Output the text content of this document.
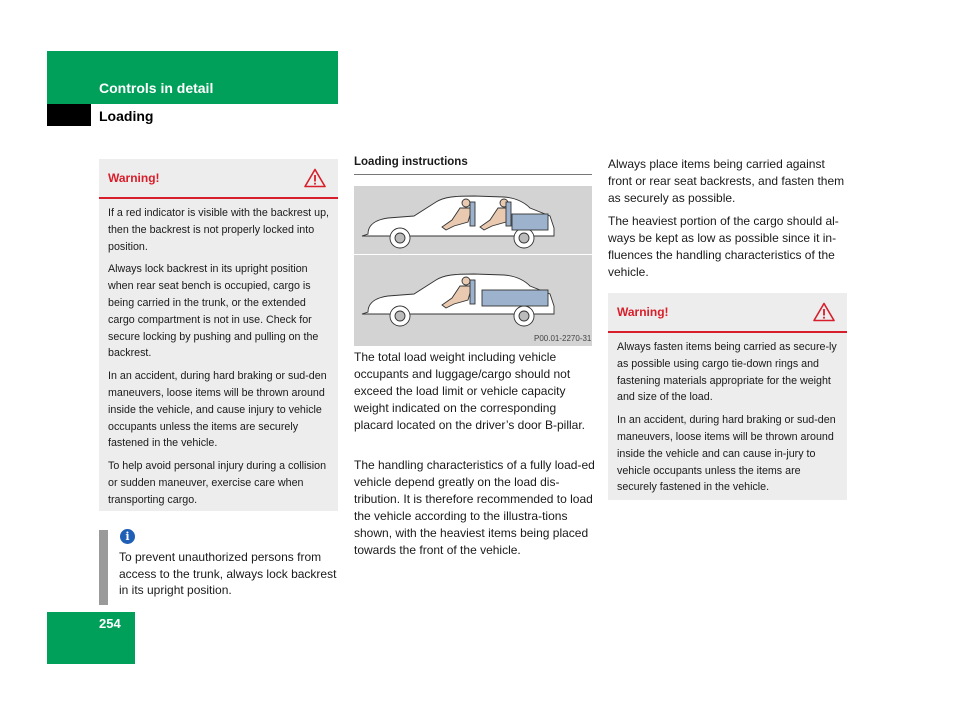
Controls in detail
Loading
Warning!

If a red indicator is visible with the backrest up, then the backrest is not properly locked into position.

Always lock backrest in its upright position when rear seat bench is occupied, cargo is being carried in the trunk, or the extended cargo compartment is not in use. Check for secure locking by pushing and pulling on the backrest.

In an accident, during hard braking or sud-den maneuvers, loose items will be thrown around inside the vehicle, and cause injury to vehicle occupants unless the items are securely fastened in the vehicle.

To help avoid personal injury during a collision or sudden maneuver, exercise care when transporting cargo.

i

To prevent unauthorized persons from access to the trunk, always lock backrest in its upright position.

254
Loading instructions
P00.01-2270-31

The total load weight including vehicle occupants and luggage/cargo should not exceed the load limit or vehicle capacity weight indicated on the corresponding placard located on the driver’s door B-pillar.

The handling characteristics of a fully load-ed vehicle depend greatly on the load dis-tribution. It is therefore recommended to load the vehicle according to the illustra-tions shown, with the heaviest items being placed towards the front of the vehicle.

Always place items being carried against front or rear seat backrests, and fasten them as securely as possible.

The heaviest portion of the cargo should al-ways be kept as low as possible since it in-fluences the handling characteristics of the vehicle.

Warning!

Always fasten items being carried as secure-ly as possible using cargo tie-down rings and fastening materials appropriate for the weight and size of the load.

In an accident, during hard braking or sud-den maneuvers, loose items will be thrown around inside the vehicle and can cause in-jury to vehicle occupants unless the items are securely fastened in the vehicle.
